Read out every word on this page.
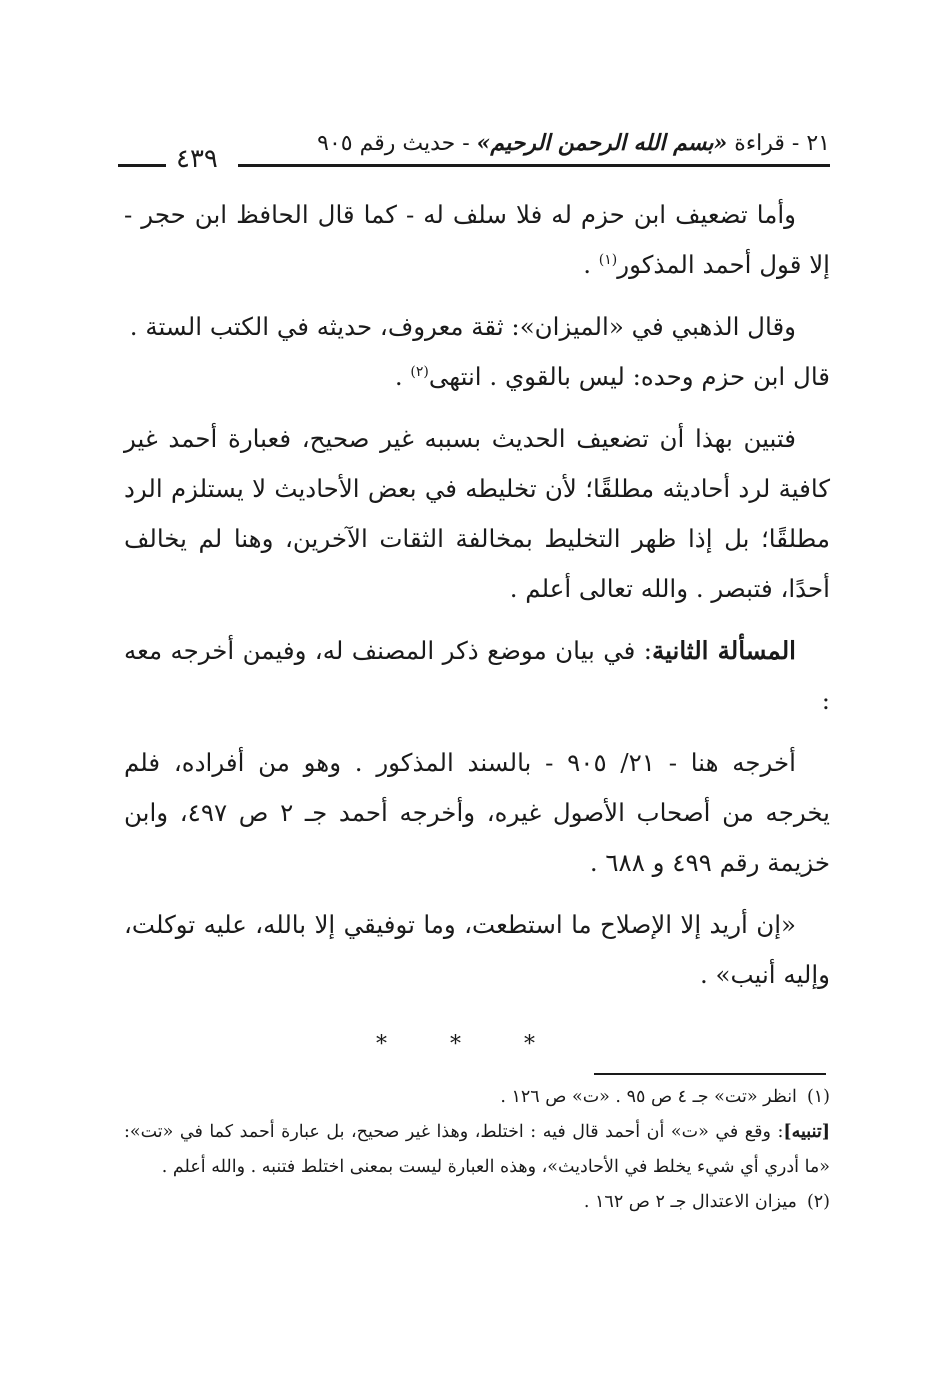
٢١ - قراءة «بسم الله الرحمن الرحيم» - حديث رقم ٩٠٥
٤٣٩

وأما تضعيف ابن حزم له فلا سلف له - كما قال الحافظ ابن حجر - إلا قول أحمد المذكور$^{(١)}$ .

وقال الذهبي في «الميزان»: ثقة معروف، حديثه في الكتب الستة .
قال ابن حزم وحده: ليس بالقوي . انتهى$^{(٢)}$ .

فتبين بهذا أن تضعيف الحديث بسببه غير صحيح، فعبارة أحمد غير كافية لرد أحاديثه مطلقًا؛ لأن تخليطه في بعض الأحاديث لا يستلزم الرد مطلقًا؛ بل إذا ظهر التخليط بمخالفة الثقات الآخرين، وهنا لم يخالف أحدًا، فتبصر . والله تعالى أعلم .

المسألة الثانية: في بيان موضع ذكر المصنف له، وفيمن أخرجه معه :

أخرجه هنا - ٢١/ ٩٠٥ - بالسند المذكور . وهو من أفراده، فلم يخرجه من أصحاب الأصول غيره، وأخرجه أحمد جـ ٢ ص ٤٩٧، وابن خزيمة رقم ٤٩٩ و ٦٨٨ .

«إن أريد إلا الإصلاح ما استطعت، وما توفيقي إلا بالله، عليه توكلت، وإليه أنيب» .

* * *

(١)انظر «تت» جـ ٤ ص ٩٥ . «ت» ص ١٢٦ .

[تنبيه]: وقع في «ت» أن أحمد قال فيه : اختلط، وهذا غير صحيح، بل عبارة أحمد كما في «تت»: «ما أدري أي شيء يخلط في الأحاديث»، وهذه العبارة ليست بمعنى اختلط فتنبه . والله أعلم .

(٢)ميزان الاعتدال جـ ٢ ص ١٦٢ .
